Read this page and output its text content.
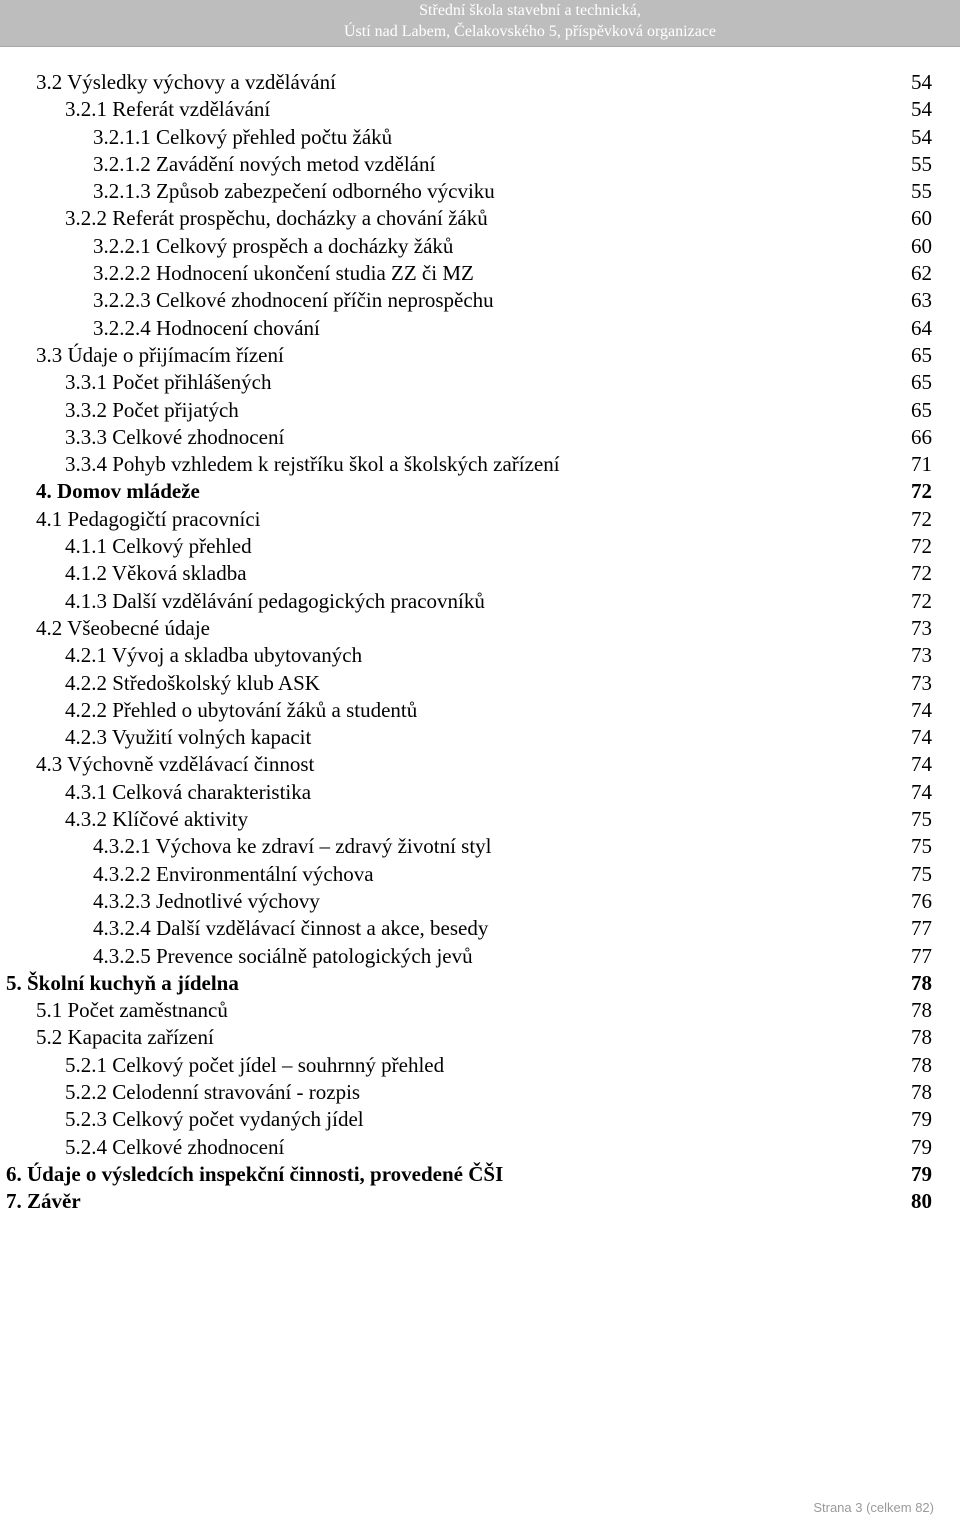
Střední škola stavební a technická,
Ústí nad Labem, Čelakovského 5, příspěvková organizace
3.2 Výsledky výchovy a vzdělávání	54
3.2.1 Referát vzdělávání	54
3.2.1.1 Celkový přehled počtu žáků	54
3.2.1.2 Zavádění nových metod vzdělání	55
3.2.1.3 Způsob zabezpečení odborného výcviku	55
3.2.2 Referát prospěchu, docházky a chování žáků	60
3.2.2.1 Celkový prospěch a docházky žáků	60
3.2.2.2 Hodnocení ukončení studia ZZ či MZ	62
3.2.2.3 Celkové zhodnocení příčin neprospěchu	63
3.2.2.4 Hodnocení chování	64
3.3 Údaje o přijímacím řízení	65
3.3.1 Počet přihlášených	65
3.3.2 Počet přijatých	65
3.3.3 Celkové zhodnocení	66
3.3.4 Pohyb vzhledem k rejstříku škol a školských zařízení	71
4. Domov mládeže	72
4.1 Pedagogičtí pracovníci	72
4.1.1 Celkový přehled	72
4.1.2 Věková skladba	72
4.1.3 Další vzdělávání pedagogických pracovníků	72
4.2 Všeobecné údaje	73
4.2.1 Vývoj a skladba ubytovaných	73
4.2.2 Středoškolský klub ASK	73
4.2.2 Přehled o ubytování žáků a studentů	74
4.2.3 Využití volných kapacit	74
4.3 Výchovně vzdělávací činnost	74
4.3.1 Celková charakteristika	74
4.3.2 Klíčové aktivity	75
4.3.2.1 Výchova ke zdraví – zdravý životní styl	75
4.3.2.2 Environmentální výchova	75
4.3.2.3 Jednotlivé výchovy	76
4.3.2.4 Další vzdělávací činnost a akce, besedy	77
4.3.2.5 Prevence sociálně patologických jevů	77
5. Školní kuchyň a jídelna	78
5.1 Počet zaměstnanců	78
5.2 Kapacita zařízení	78
5.2.1 Celkový počet jídel – souhrnný přehled	78
5.2.2 Celodenní stravování - rozpis	78
5.2.3 Celkový počet vydaných jídel	79
5.2.4 Celkové zhodnocení	79
6. Údaje o výsledcích inspekční činnosti, provedené ČŠI	79
7. Závěr	80
Strana 3 (celkem 82)
